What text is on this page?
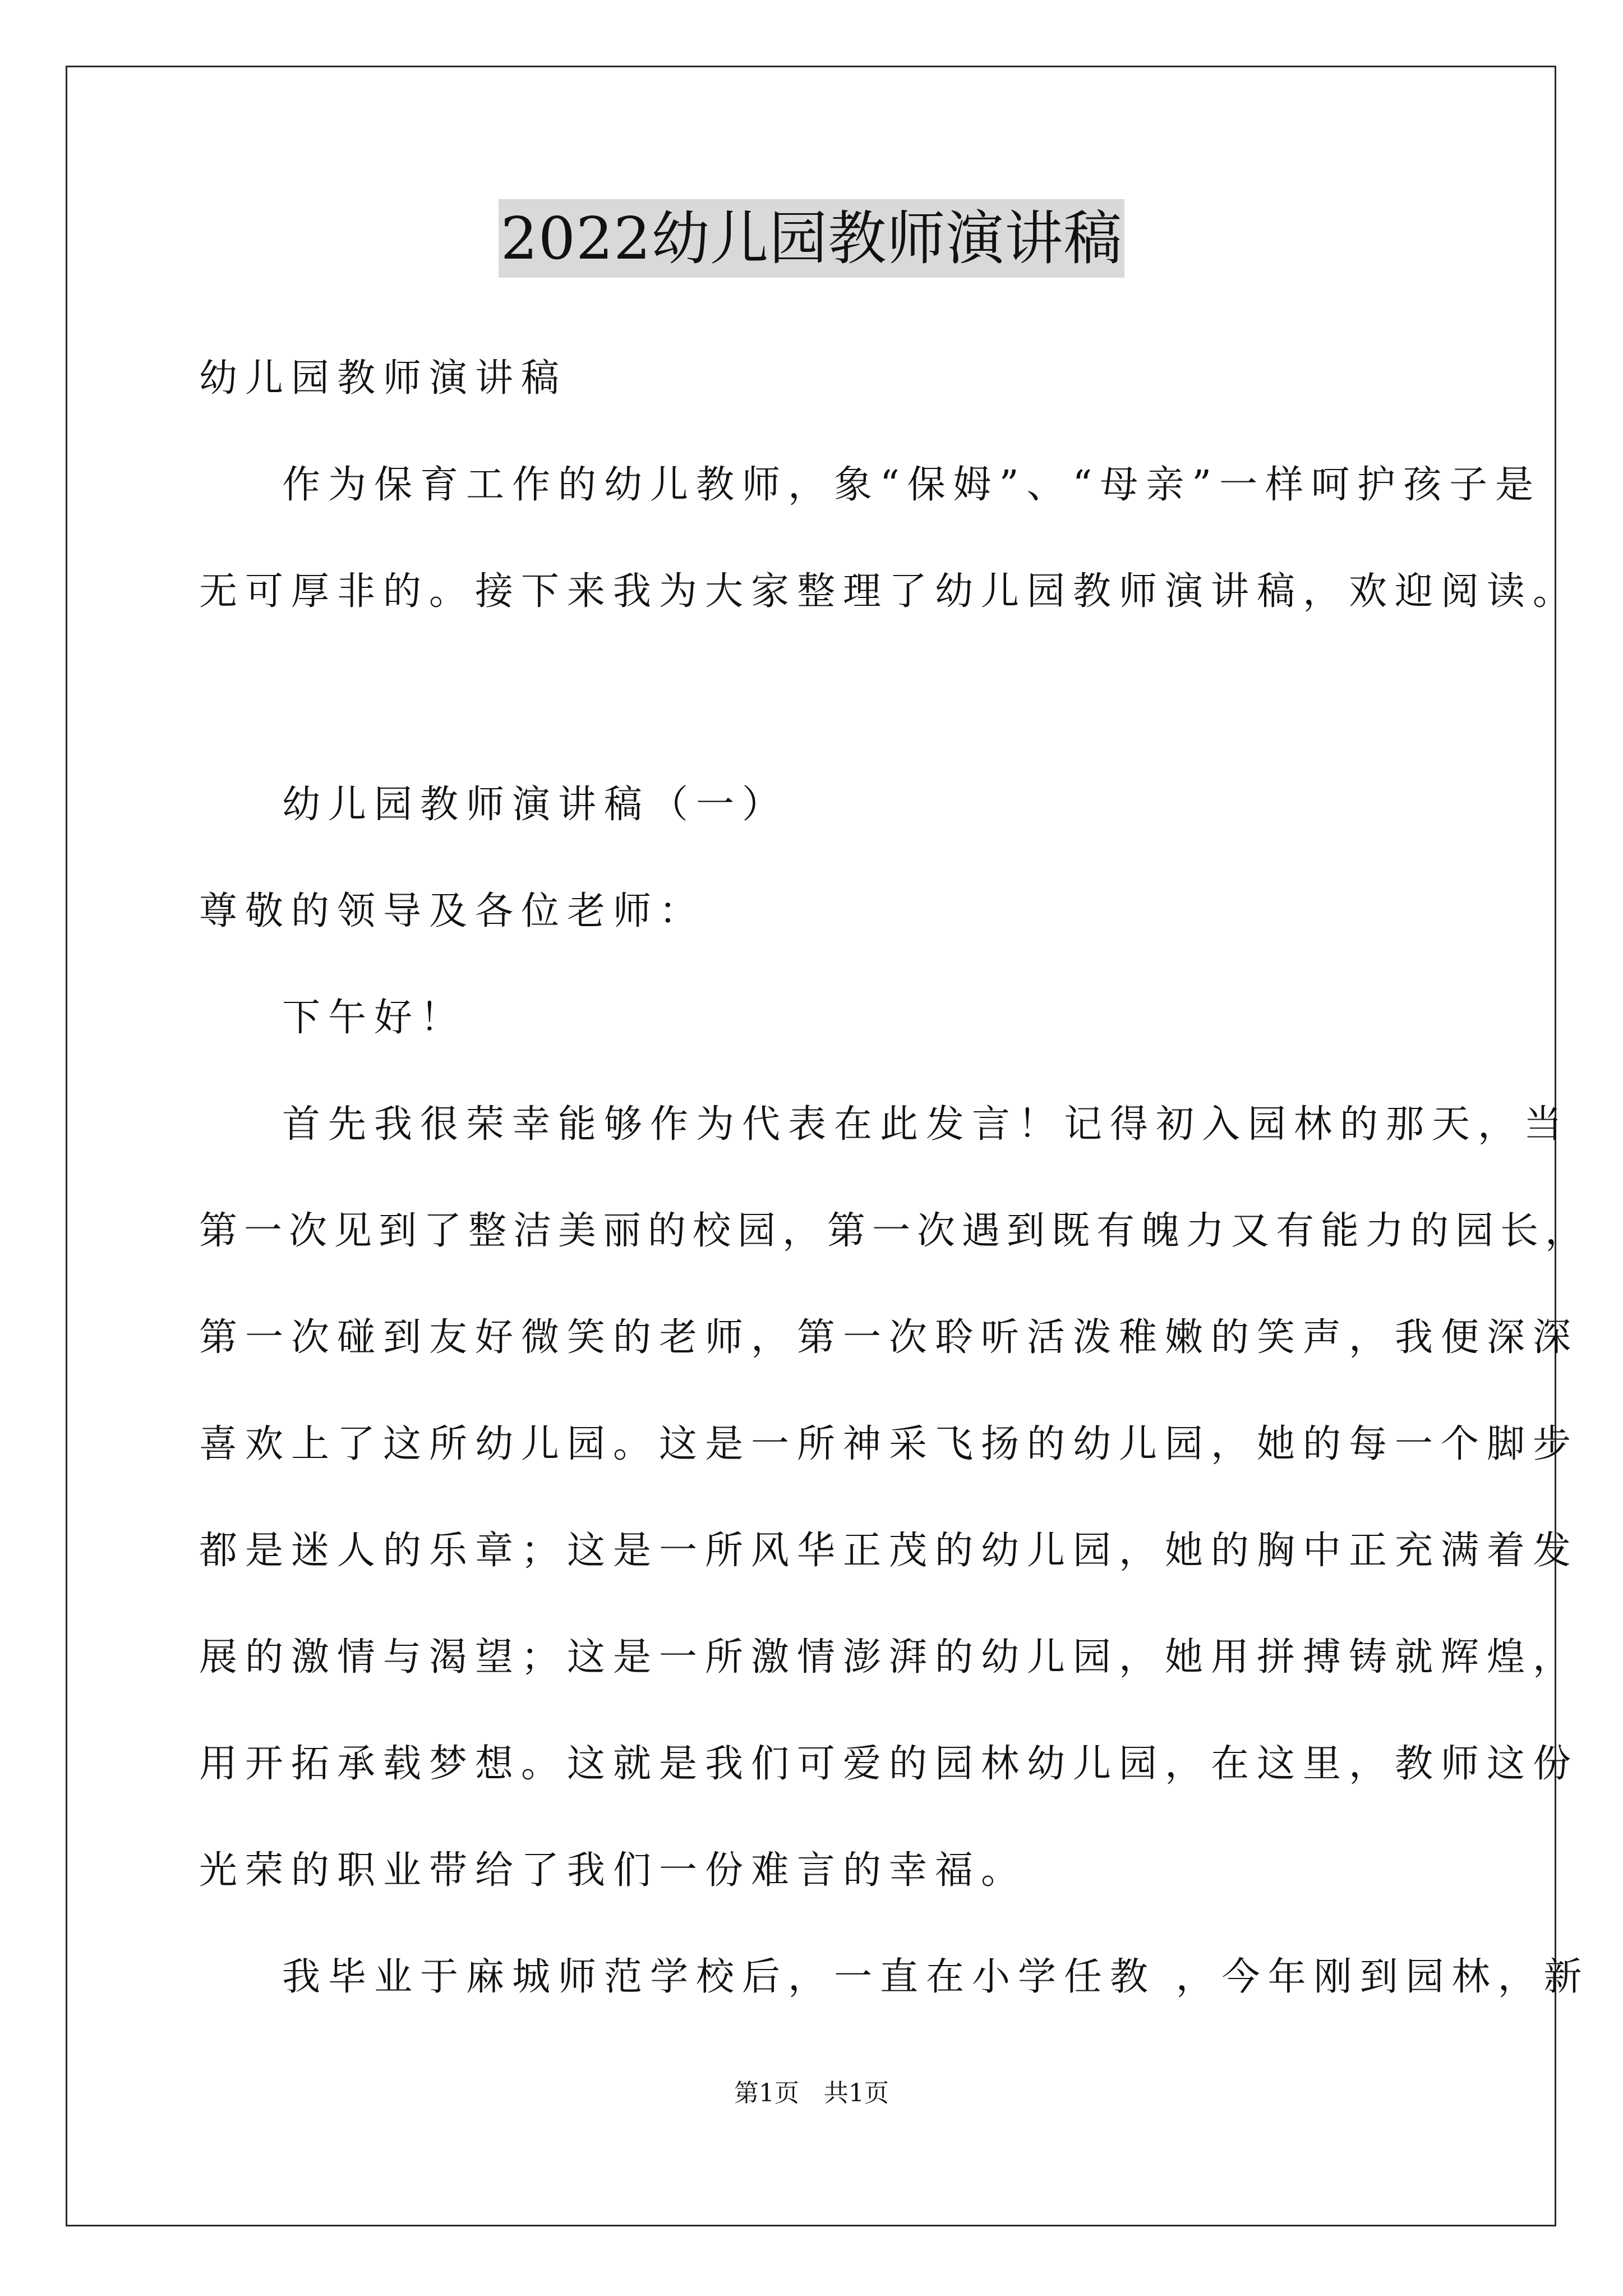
2022幼儿园教师演讲稿
幼儿园教师演讲稿
作为保育工作的幼儿教师，象“保姆”、“母亲”一样呵护孩子是
无可厚非的。接下来我为大家整理了幼儿园教师演讲稿，欢迎阅读。
幼儿园教师演讲稿（一）
尊敬的领导及各位老师：
下午好！
首先我很荣幸能够作为代表在此发言！记得初入园林的那天，当
第一次见到了整洁美丽的校园，第一次遇到既有魄力又有能力的园长，
第一次碰到友好微笑的老师，第一次聆听活泼稚嫩的笑声，我便深深
喜欢上了这所幼儿园。这是一所神采飞扬的幼儿园，她的每一个脚步
都是迷人的乐章；这是一所风华正茂的幼儿园，她的胸中正充满着发
展的激情与渴望；这是一所激情澎湃的幼儿园，她用拼搏铸就辉煌，
用开拓承载梦想。这就是我们可爱的园林幼儿园，在这里，教师这份
光荣的职业带给了我们一份难言的幸福。
我毕业于麻城师范学校后，一直在小学任教 ，今年刚到园林，新
第1页　共1页
